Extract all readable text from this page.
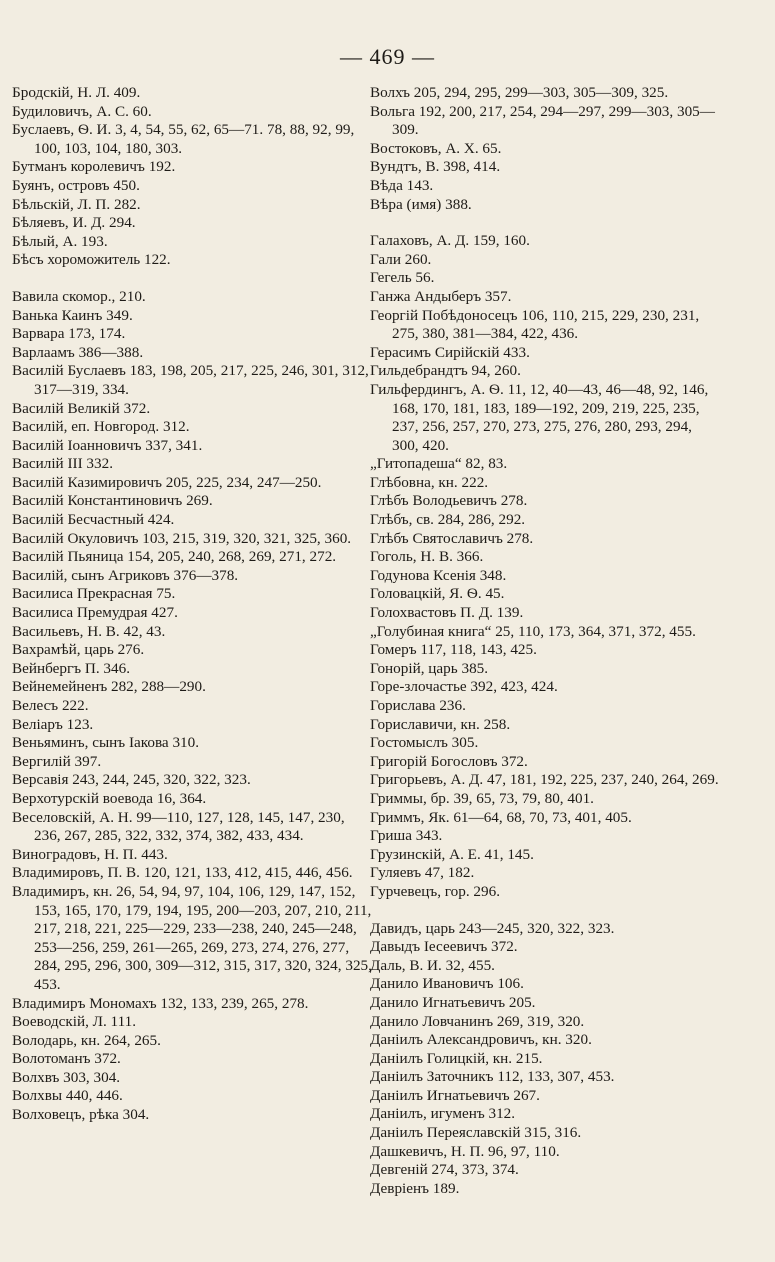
— 469 —
Бродскій, Н. Л. 409.
Будиловичъ, А. С. 60.
Буслаевъ, Ѳ. И. 3, 4, 54, 55, 62, 65—71. 78, 88, 92, 99, 100, 103, 104, 180, 303.
Бутманъ королевичъ 192.
Буянъ, островъ 450.
Бѣльскій, Л. П. 282.
Бѣляевъ, И. Д. 294.
Бѣлый, А. 193.
Бѣсъ хороможитель 122.
Вавила скомор., 210.
Ванька Каинъ 349.
Варвара 173, 174.
Варлаамъ 386—388.
Василій Буслаевъ 183, 198, 205, 217, 225, 246, 301, 312, 317—319, 334.
Василій Великій 372.
Василій, еп. Новгород. 312.
Василій Іоанновичъ 337, 341.
Василій III 332.
Василій Казимировичъ 205, 225, 234, 247—250.
Василій Константиновичъ 269.
Василій Бесчастный 424.
Василій Окуловичъ 103, 215, 319, 320, 321, 325, 360.
Василій Пьяница 154, 205, 240, 268, 269, 271, 272.
Василій, сынъ Агриковъ 376—378.
Василиса Прекрасная 75.
Василиса Премудрая 427.
Васильевъ, Н. В. 42, 43.
Вахрамѣй, царь 276.
Вейнбергъ П. 346.
Вейнемейненъ 282, 288—290.
Велесъ 222.
Веліаръ 123.
Веньяминъ, сынъ Іакова 310.
Вергилій 397.
Версавія 243, 244, 245, 320, 322, 323.
Верхотурскій воевода 16, 364.
Веселовскій, А. Н. 99—110, 127, 128, 145, 147, 230, 236, 267, 285, 322, 332, 374, 382, 433, 434.
Виноградовъ, Н. П. 443.
Владимировъ, П. В. 120, 121, 133, 412, 415, 446, 456.
Владимиръ, кн. 26, 54, 94, 97, 104, 106, 129, 147, 152, 153, 165, 170, 179, 194, 195, 200—203, 207, 210, 211, 217, 218, 221, 225—229, 233—238, 240, 245—248, 253—256, 259, 261—265, 269, 273, 274, 276, 277, 284, 295, 296, 300, 309—312, 315, 317, 320, 324, 325, 453.
Владимиръ Мономахъ 132, 133, 239, 265, 278.
Воеводскій, Л. 111.
Володарь, кн. 264, 265.
Волотоманъ 372.
Волхвъ 303, 304.
Волхвы 440, 446.
Волховецъ, рѣка 304.
Волхъ 205, 294, 295, 299—303, 305—309, 325.
Вольга 192, 200, 217, 254, 294—297, 299—303, 305—309.
Востоковъ, А. Х. 65.
Вундтъ, В. 398, 414.
Вѣда 143.
Вѣра (имя) 388.
Галаховъ, А. Д. 159, 160.
Гали 260.
Гегель 56.
Ганжа Андыберъ 357.
Георгій Побѣдоносецъ 106, 110, 215, 229, 230, 231, 275, 380, 381—384, 422, 436.
Герасимъ Сирійскій 433.
Гильдебрандтъ 94, 260.
Гильфердингъ, А. Ѳ. 11, 12, 40—43, 46—48, 92, 146, 168, 170, 181, 183, 189—192, 209, 219, 225, 235, 237, 256, 257, 270, 273, 275, 276, 280, 293, 294, 300, 420.
„Гитопадеша“ 82, 83.
Глѣбовна, кн. 222.
Глѣбъ Володьевичъ 278.
Глѣбъ, св. 284, 286, 292.
Глѣбъ Святославичъ 278.
Гоголь, Н. В. 366.
Годунова Ксенія 348.
Головацкій, Я. Ѳ. 45.
Голохвастовъ П. Д. 139.
„Голубиная книга“ 25, 110, 173, 364, 371, 372, 455.
Гомеръ 117, 118, 143, 425.
Гонорій, царь 385.
Горе-злочастье 392, 423, 424.
Горислава 236.
Гориславичи, кн. 258.
Гостомыслъ 305.
Григорій Богословъ 372.
Григорьевъ, А. Д. 47, 181, 192, 225, 237, 240, 264, 269.
Гриммы, бр. 39, 65, 73, 79, 80, 401.
Гриммъ, Як. 61—64, 68, 70, 73, 401, 405.
Гриша 343.
Грузинскій, А. Е. 41, 145.
Гуляевъ 47, 182.
Гурчевецъ, гор. 296.
Давидъ, царь 243—245, 320, 322, 323.
Давыдъ Іесеевичъ 372.
Даль, В. И. 32, 455.
Данило Ивановичъ 106.
Данило Игнатьевичъ 205.
Данило Ловчанинъ 269, 319, 320.
Даніилъ Александровичъ, кн. 320.
Даніилъ Голицкій, кн. 215.
Даніилъ Заточникъ 112, 133, 307, 453.
Даніилъ Игнатьевичъ 267.
Даніилъ, игуменъ 312.
Даніилъ Переяславскій 315, 316.
Дашкевичъ, Н. П. 96, 97, 110.
Девгеній 274, 373, 374.
Девріенъ 189.
